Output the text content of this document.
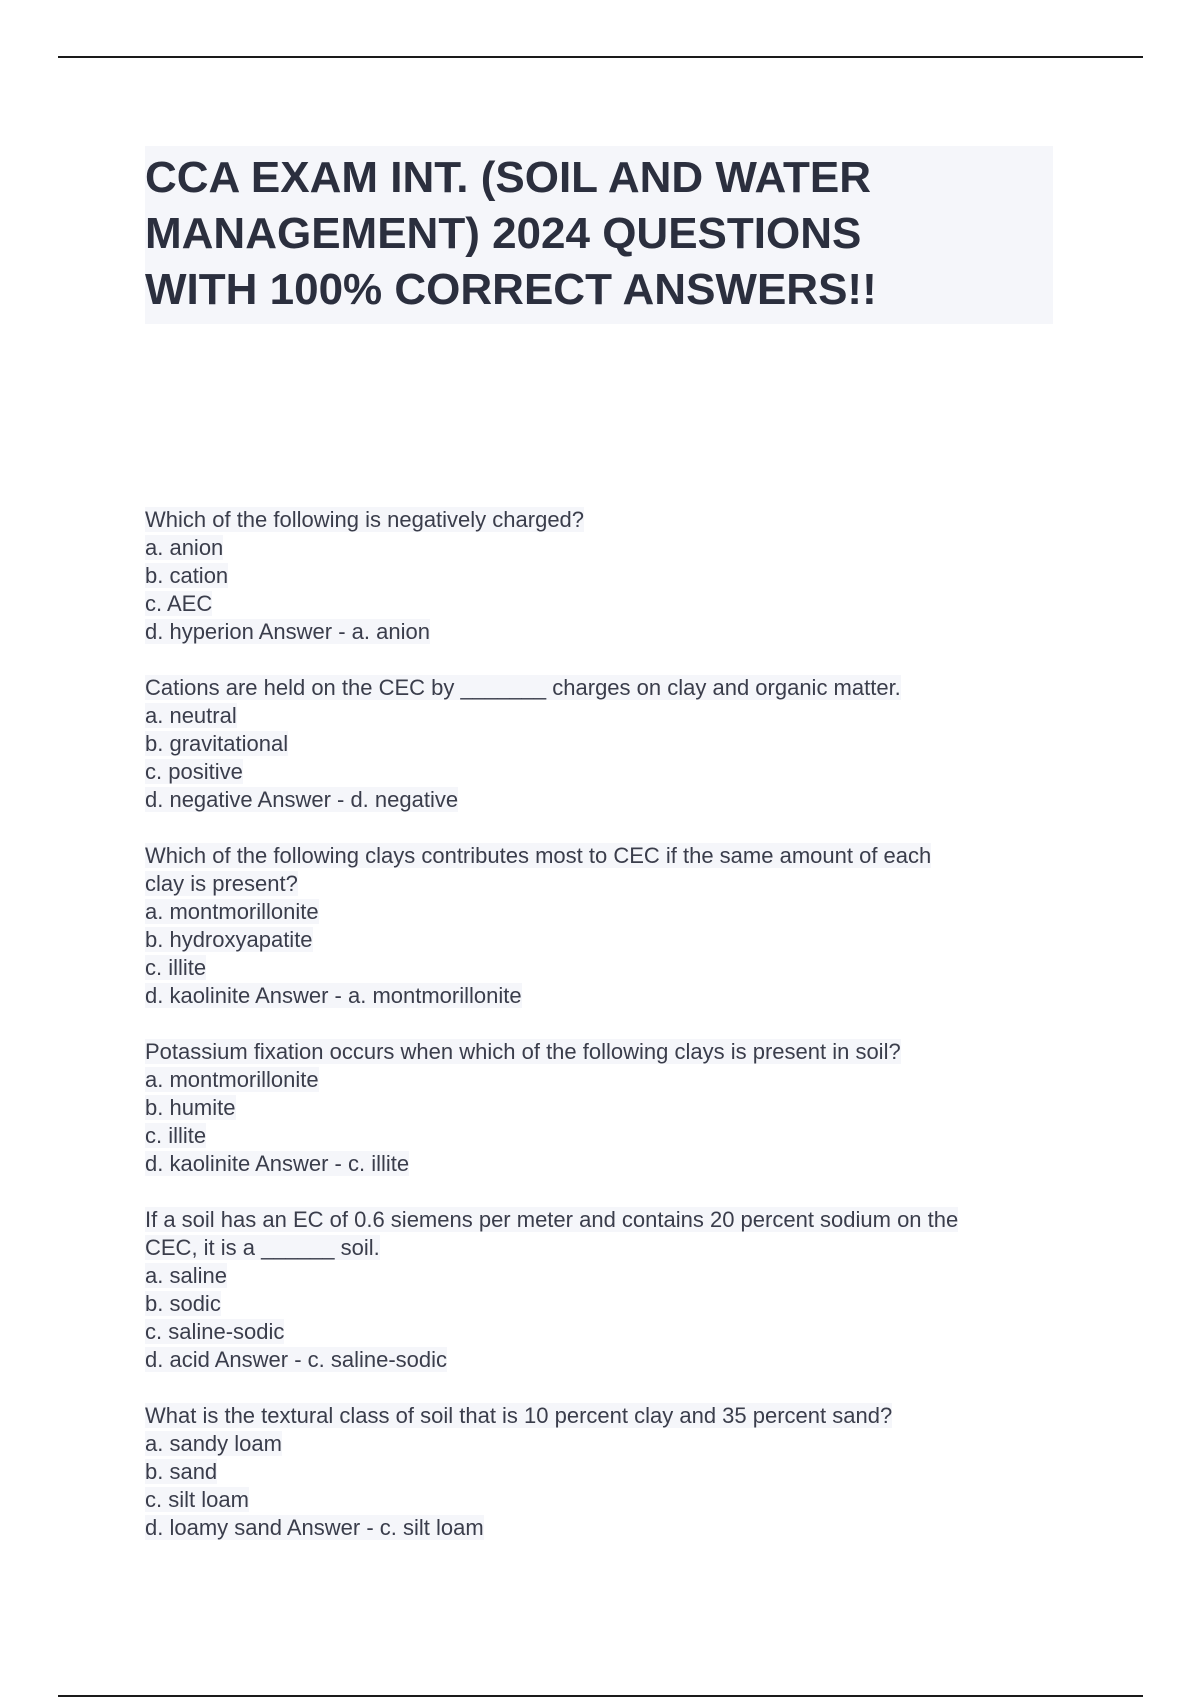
CCA EXAM INT. (SOIL AND WATER
MANAGEMENT) 2024 QUESTIONS
WITH 100% CORRECT ANSWERS!!
Which of the following is negatively charged?
a. anion
b. cation
c. AEC
d. hyperion Answer - a. anion
Cations are held on the CEC by _______ charges on clay and organic matter.
a. neutral
b. gravitational
c. positive
d. negative Answer - d. negative
Which of the following clays contributes most to CEC if the same amount of each
clay is present?
a. montmorillonite
b. hydroxyapatite
c. illite
d. kaolinite Answer - a. montmorillonite
Potassium fixation occurs when which of the following clays is present in soil?
a. montmorillonite
b. humite
c. illite
d. kaolinite Answer - c. illite
If a soil has an EC of 0.6 siemens per meter and contains 20 percent sodium on the
CEC, it is a ______ soil.
a. saline
b. sodic
c. saline-sodic
d. acid Answer - c. saline-sodic
What is the textural class of soil that is 10 percent clay and 35 percent sand?
a. sandy loam
b. sand
c. silt loam
d. loamy sand Answer - c. silt loam
